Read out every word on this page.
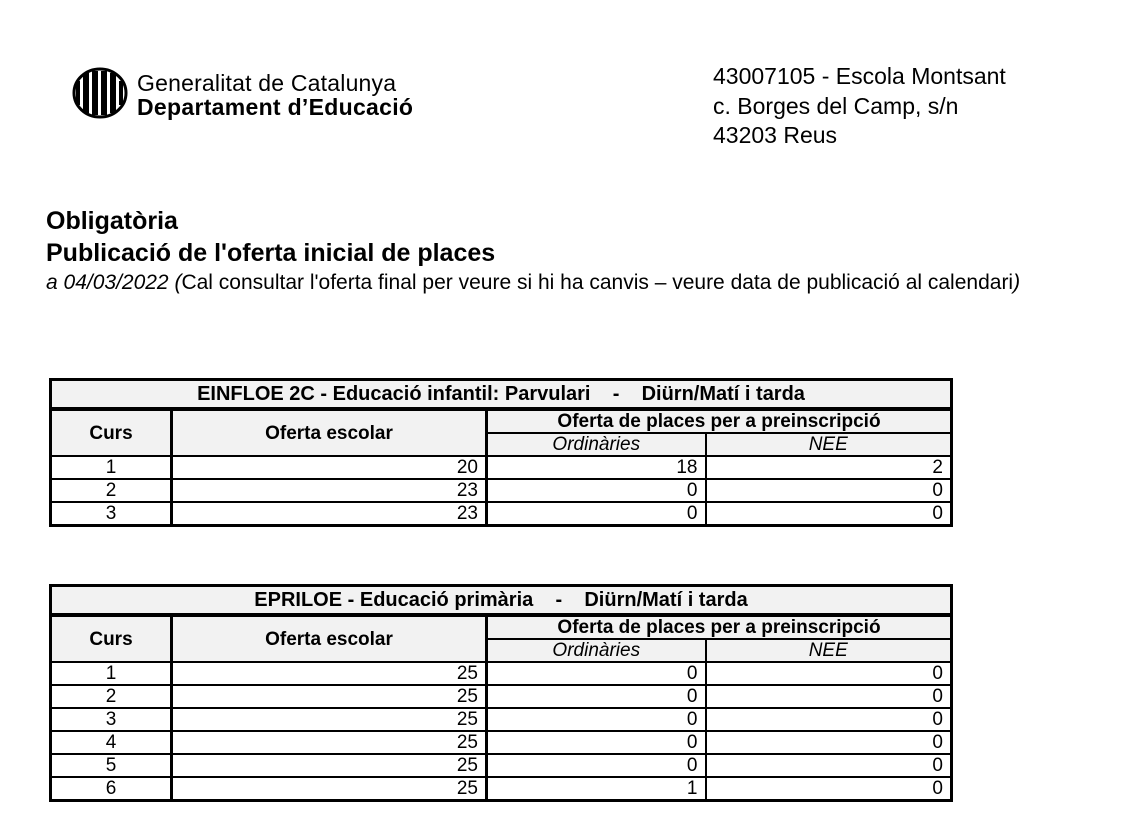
Generalitat de Catalunya
Departament d’Educació
43007105 - Escola Montsant
c. Borges del Camp, s/n
43203 Reus
Obligatòria
Publicació de l'oferta inicial de places
a 04/03/2022 (Cal consultar l'oferta final per veure si hi ha canvis – veure data de publicació al calendari)
EINFLOE 2C - Educació infantil: Parvulari    -    Diürn/Matí i tarda			
Curs	Oferta escolar	Oferta de places per a preinscripció	
		Ordinàries	NEE
1	20	18	2
2	23	0	0
3	23	0	0
EPRILOE - Educació primària    -    Diürn/Matí i tarda			
Curs	Oferta escolar	Oferta de places per a preinscripció	
		Ordinàries	NEE
1	25	0	0
2	25	0	0
3	25	0	0
4	25	0	0
5	25	0	0
6	25	1	0
